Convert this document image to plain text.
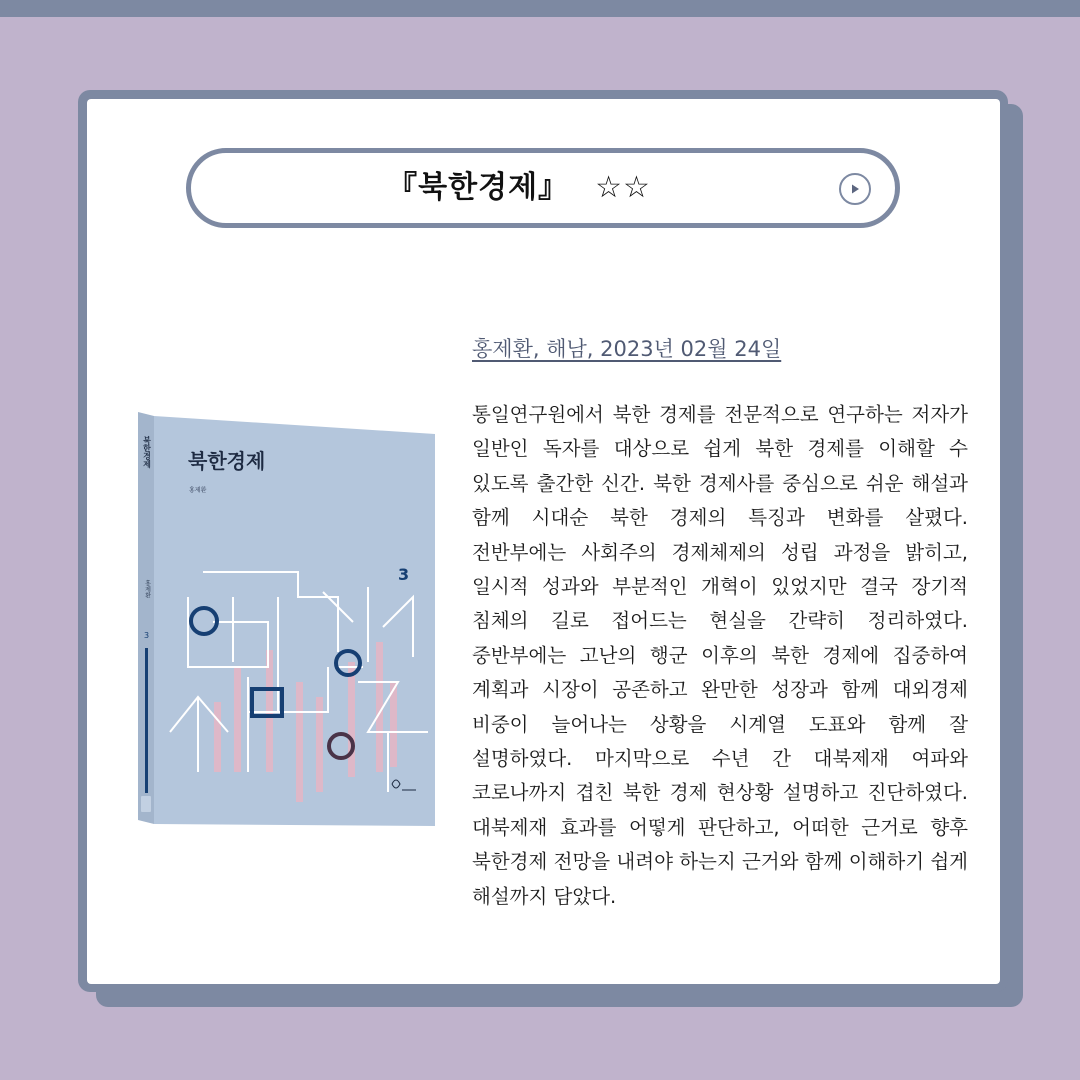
『북한경제』 ☆☆
홍제환, 해남, 2023년 02월 24일
통일연구원에서 북한 경제를 전문적으로 연구하는 저자가 일반인 독자를 대상으로 쉽게 북한 경제를 이해할 수 있도록 출간한 신간. 북한 경제사를 중심으로 쉬운 해설과 함께 시대순 북한 경제의 특징과 변화를 살폈다. 전반부에는 사회주의 경제체제의 성립 과정을 밝히고, 일시적 성과와 부분적인 개혁이 있었지만 결국 장기적 침체의 길로 접어드는 현실을 간략히 정리하였다. 중반부에는 고난의 행군 이후의 북한 경제에 집중하여 계획과 시장이 공존하고 완만한 성장과 함께 대외경제 비중이 늘어나는 상황을 시계열 도표와 함께 잘 설명하였다. 마지막으로 수년 간 대북제재 여파와 코로나까지 겹친 북한 경제 현상황 설명하고 진단하였다. 대북제재 효과를 어떻게 판단하고, 어떠한 근거로 향후 북한경제 전망을 내려야 하는지 근거와 함께 이해하기 쉽게 해설까지 담았다.
북한경제
홍제환
3
북한경제
홍제환
3
